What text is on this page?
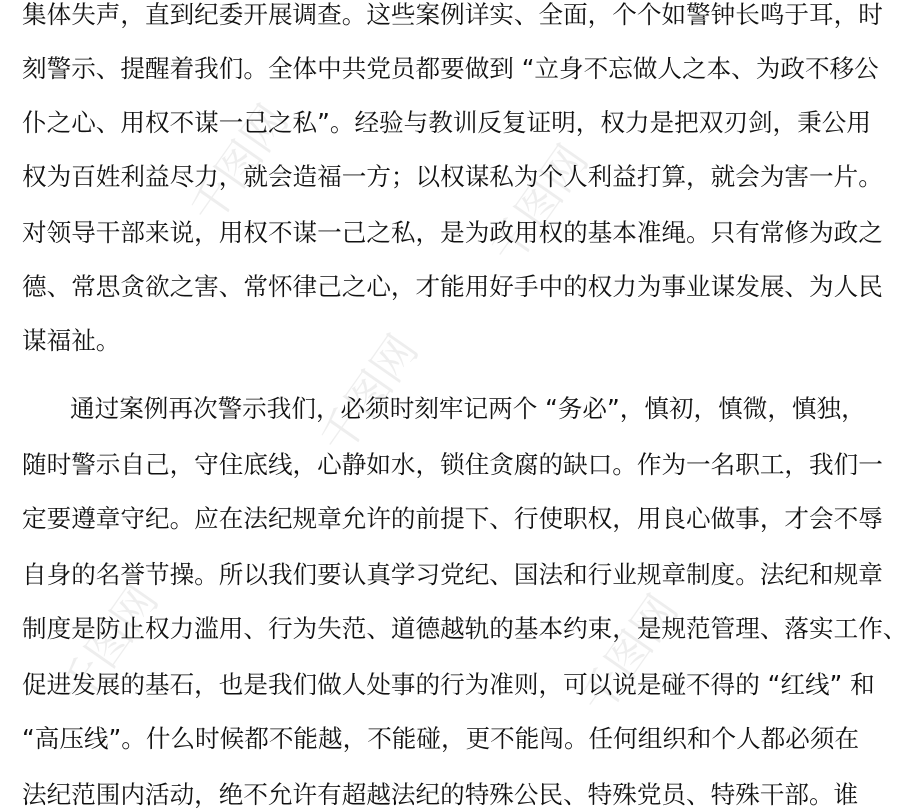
千图网	千图网
千图网
千图网	千图网
集体失声，直到纪委开展调查。这些案例详实、全面，个个如警钟长鸣于耳，时
刻警示、提醒着我们。全体中共党员都要做到 “立身不忘做人之本、为政不移公
仆之心、用权不谋一己之私”。经验与教训反复证明，权力是把双刃剑，秉公用
权为百姓利益尽力，就会造福一方；以权谋私为个人利益打算，就会为害一片。
对领导干部来说，用权不谋一己之私，是为政用权的基本准绳。只有常修为政之
德、常思贪欲之害、常怀律己之心，才能用好手中的权力为事业谋发展、为人民
谋福祉。
通过案例再次警示我们，必须时刻牢记两个 “务必”，慎初，慎微，慎独，
随时警示自己，守住底线，心静如水，锁住贪腐的缺口。作为一名职工，我们一
定要遵章守纪。应在法纪规章允许的前提下、行使职权，用良心做事，才会不辱
自身的名誉节操。所以我们要认真学习党纪、国法和行业规章制度。法纪和规章
制度是防止权力滥用、行为失范、道德越轨的基本约束，是规范管理、落实工作、
促进发展的基石，也是我们做人处事的行为准则，可以说是碰不得的 “红线” 和
“高压线”。什么时候都不能越，不能碰，更不能闯。任何组织和个人都必须在
法纪范围内活动，绝不允许有超越法纪的特殊公民、特殊党员、特殊干部。谁
